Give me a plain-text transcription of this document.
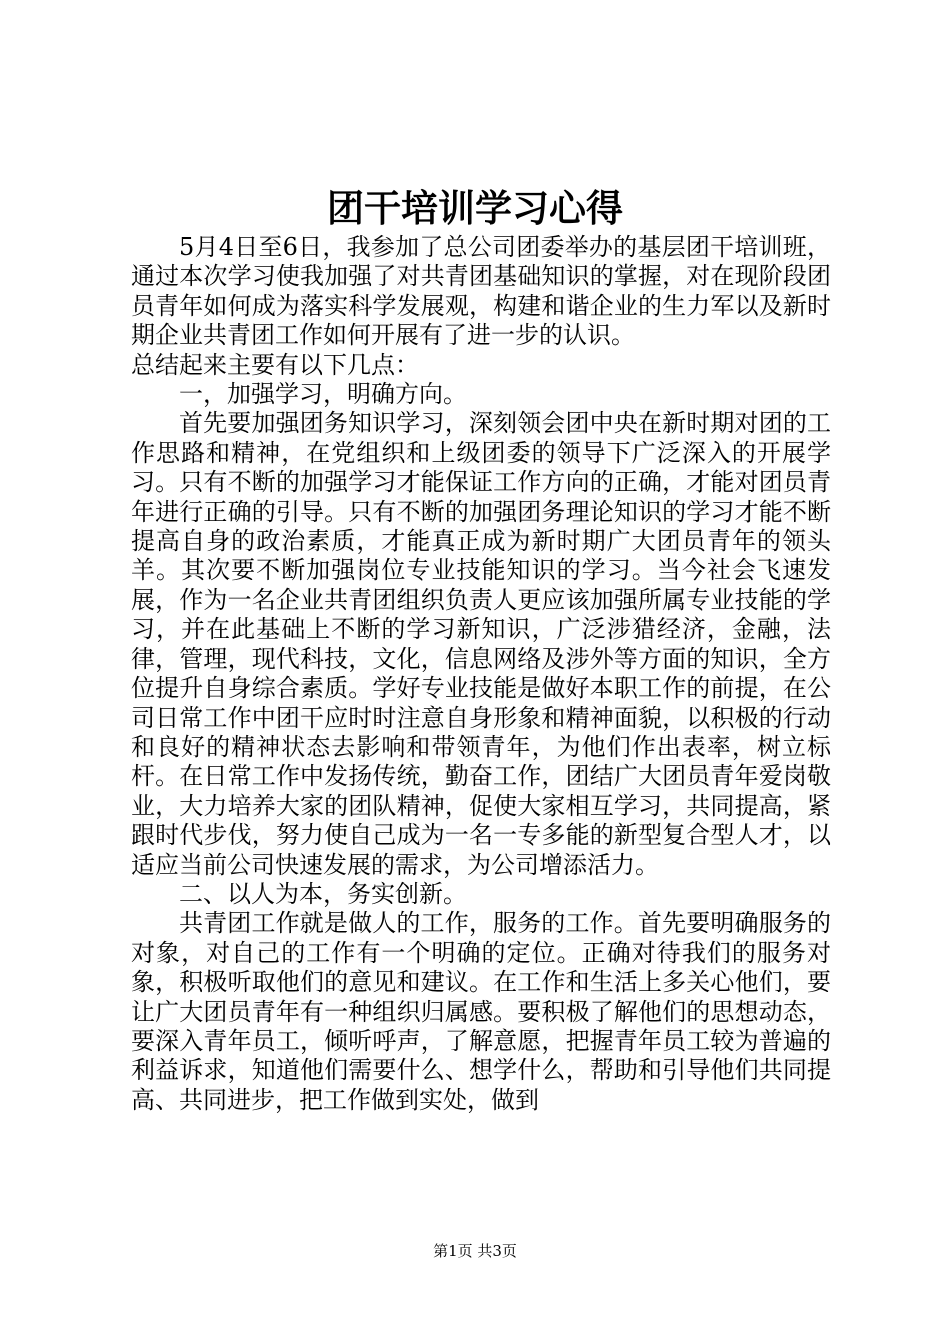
团干培训学习心得

5月4日至6日，我参加了总公司团委举办的基层团干培训班，通过本次学习使我加强了对共青团基础知识的掌握，对在现阶段团员青年如何成为落实科学发展观，构建和谐企业的生力军以及新时期企业共青团工作如何开展有了进一步的认识。

总结起来主要有以下几点：

一，加强学习，明确方向。

首先要加强团务知识学习，深刻领会团中央在新时期对团的工作思路和精神，在党组织和上级团委的领导下广泛深入的开展学习。只有不断的加强学习才能保证工作方向的正确，才能对团员青年进行正确的引导。只有不断的加强团务理论知识的学习才能不断提高自身的政治素质，才能真正成为新时期广大团员青年的领头羊。其次要不断加强岗位专业技能知识的学习。当今社会飞速发展，作为一名企业共青团组织负责人更应该加强所属专业技能的学习，并在此基础上不断的学习新知识，广泛涉猎经济，金融，法律，管理，现代科技，文化，信息网络及涉外等方面的知识，全方位提升自身综合素质。学好专业技能是做好本职工作的前提，在公司日常工作中团干应时时注意自身形象和精神面貌，以积极的行动和良好的精神状态去影响和带领青年，为他们作出表率，树立标杆。在日常工作中发扬传统，勤奋工作，团结广大团员青年爱岗敬业，大力培养大家的团队精神，促使大家相互学习，共同提高，紧跟时代步伐，努力使自己成为一名一专多能的新型复合型人才，以适应当前公司快速发展的需求，为公司增添活力。

二、以人为本，务实创新。

共青团工作就是做人的工作，服务的工作。首先要明确服务的对象，对自己的工作有一个明确的定位。正确对待我们的服务对象，积极听取他们的意见和建议。在工作和生活上多关心他们，要让广大团员青年有一种组织归属感。要积极了解他们的思想动态，要深入青年员工，倾听呼声，了解意愿，把握青年员工较为普遍的利益诉求，知道他们需要什么、想学什么，帮助和引导他们共同提高、共同进步，把工作做到实处，做到

第1页 共3页
